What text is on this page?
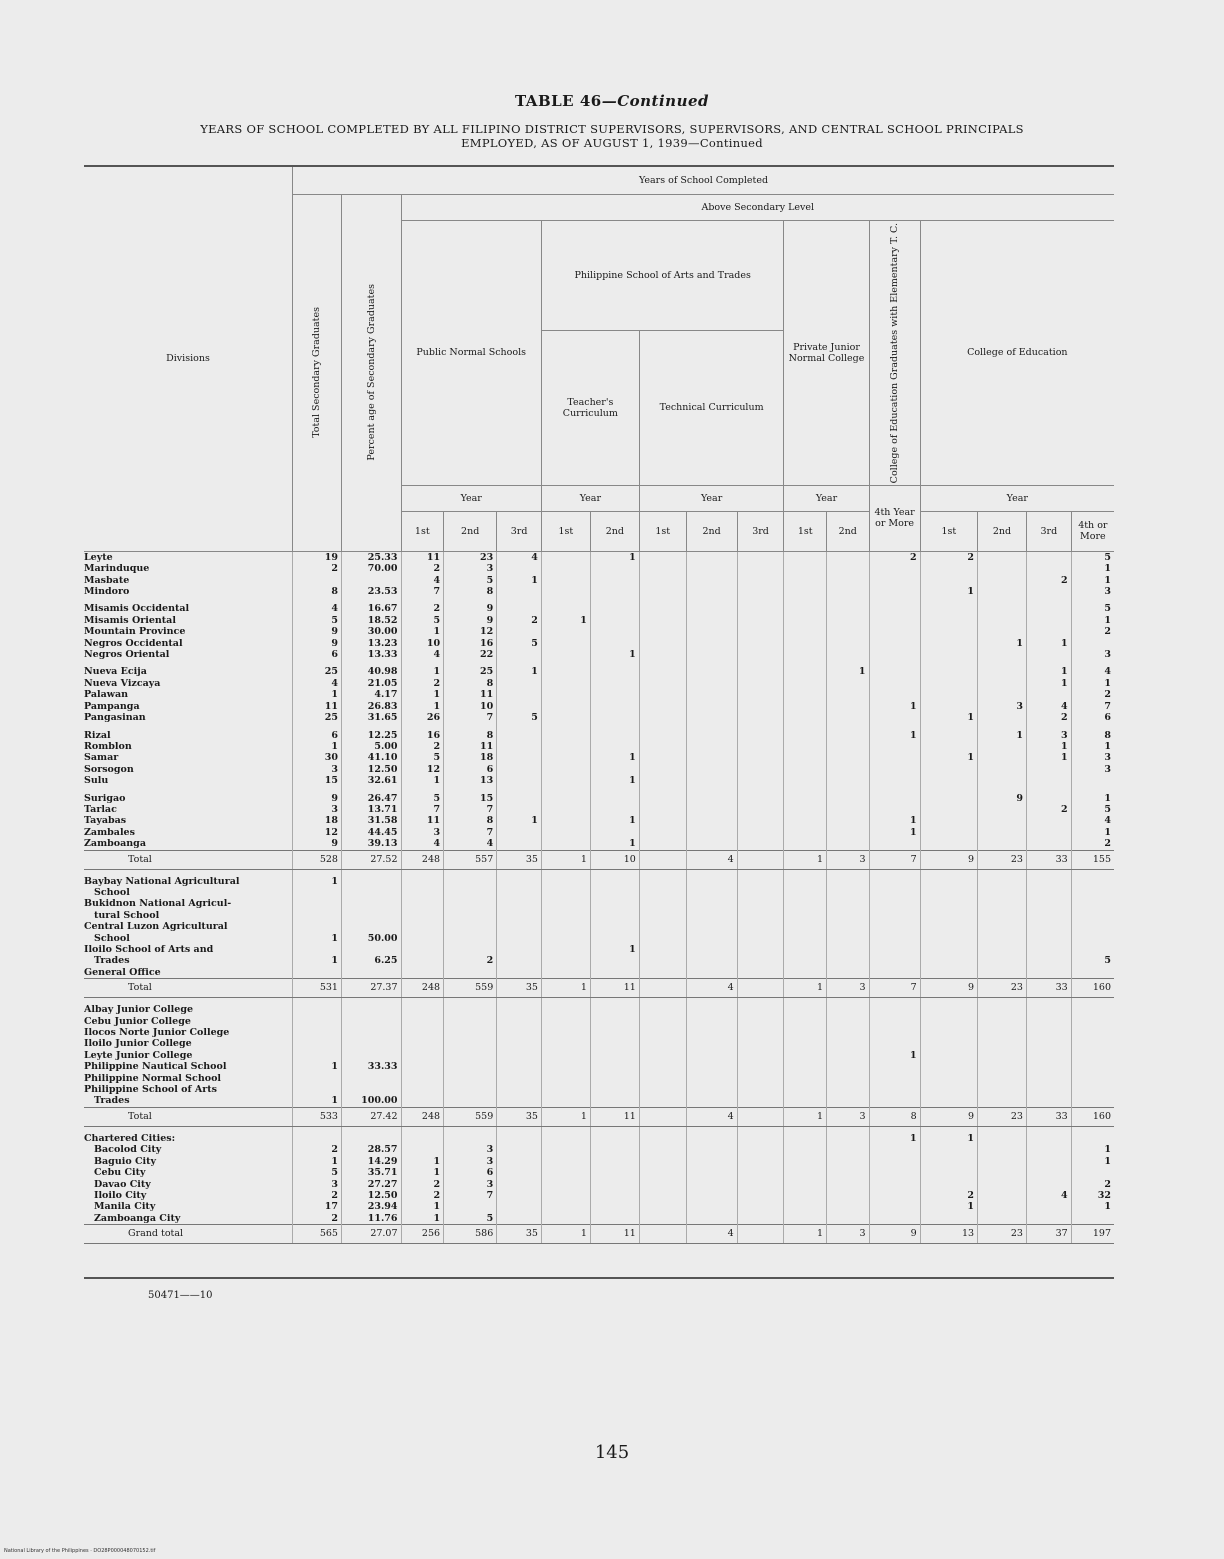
TABLE 46—Continued
YEARS OF SCHOOL COMPLETED BY ALL FILIPINO DISTRICT SUPERVISORS, SUPERVISORS, AND CENTRAL SCHOOL PRINCIPALS
EMPLOYED, AS OF AUGUST 1, 1939—Continued
Divisions	Years of School Completed																

	Total Secondary Graduates	Percent age of Secondary Graduates	Above Secondary Level														
			Public Normal Schools			Philippine School of Arts and Trades					Private Junior Normal College		College of Education Graduates with Elementary T. C.	College of Education			
						Teacher's Curriculum		Technical Curriculum									
			Year			Year		Year			Year		4th Year or More	Year			
			1st	2nd	3rd	1st	2nd	1st	2nd	3rd	1st	2nd		1st	2nd	3rd	4th or More
Leyte	19	25.33	11	23	4		1						2	2			5
Marinduque	2	70.00	2	3													1
Masbate			4	5	1											2	1
Mindoro	8	23.53	7	8										1			3

Misamis Occidental	4	16.67	2	9													5
Misamis Oriental	5	18.52	5	9	2	1											1
Mountain Province	9	30.00	1	12													2
Negros Occidental	9	13.23	10	16	5										1	1	
Negros Oriental	6	13.33	4	22			1										3

Nueva Ecija	25	40.98	1	25	1							1				1	4
Nueva Vizcaya	4	21.05	2	8												1	1
Palawan	1	4.17	1	11													2
Pampanga	11	26.83	1	10									1		3	4	7
Pangasinan	25	31.65	26	7	5									1		2	6

Rizal	6	12.25	16	8									1		1	3	8
Romblon	1	5.00	2	11												1	1
Samar	30	41.10	5	18			1							1		1	3
Sorsogon	3	12.50	12	6													3
Sulu	15	32.61	1	13			1										

Surigao	9	26.47	5	15											9		1
Tarlac	3	13.71	7	7												2	5
Tayabas	18	31.58	11	8	1		1						1				4
Zambales	12	44.45	3	7									1				1
Zamboanga	9	39.13	4	4			1										2
Total	528	27.52	248	557	35	1	10		4		1	3	7	9	23	33	155

Baybay National Agricultural	1																
School																	
Bukidnon National Agricul-																	
tural School																	
Central Luzon Agricultural																	
School	1	50.00															
Iloilo School of Arts and							1										
Trades	1	6.25		2													5
General Office																	
Total	531	27.37	248	559	35	1	11		4		1	3	7	9	23	33	160

Albay Junior College																	
Cebu Junior College																	
Ilocos Norte Junior College																	
Iloilo Junior College																	
Leyte Junior College													1				
Philippine Nautical School	1	33.33															
Philippine Normal School																	
Philippine School of Arts																	
Trades	1	100.00															
Total	533	27.42	248	559	35	1	11		4		1	3	8	9	23	33	160

Chartered Cities:													1	1			
Bacolod City	2	28.57		3													1
Baguio City	1	14.29	1	3													1
Cebu City	5	35.71	1	6													
Davao City	3	27.27	2	3													2
Iloilo City	2	12.50	2	7										2		4	32
Manila City	17	23.94	1											1			1
Zamboanga City	2	11.76	1	5													
Grand total	565	27.07	256	586	35	1	11		4		1	3	9	13	23	37	197
50471——10
145
National Library of the Philippines · DO28P000048070152.tif
